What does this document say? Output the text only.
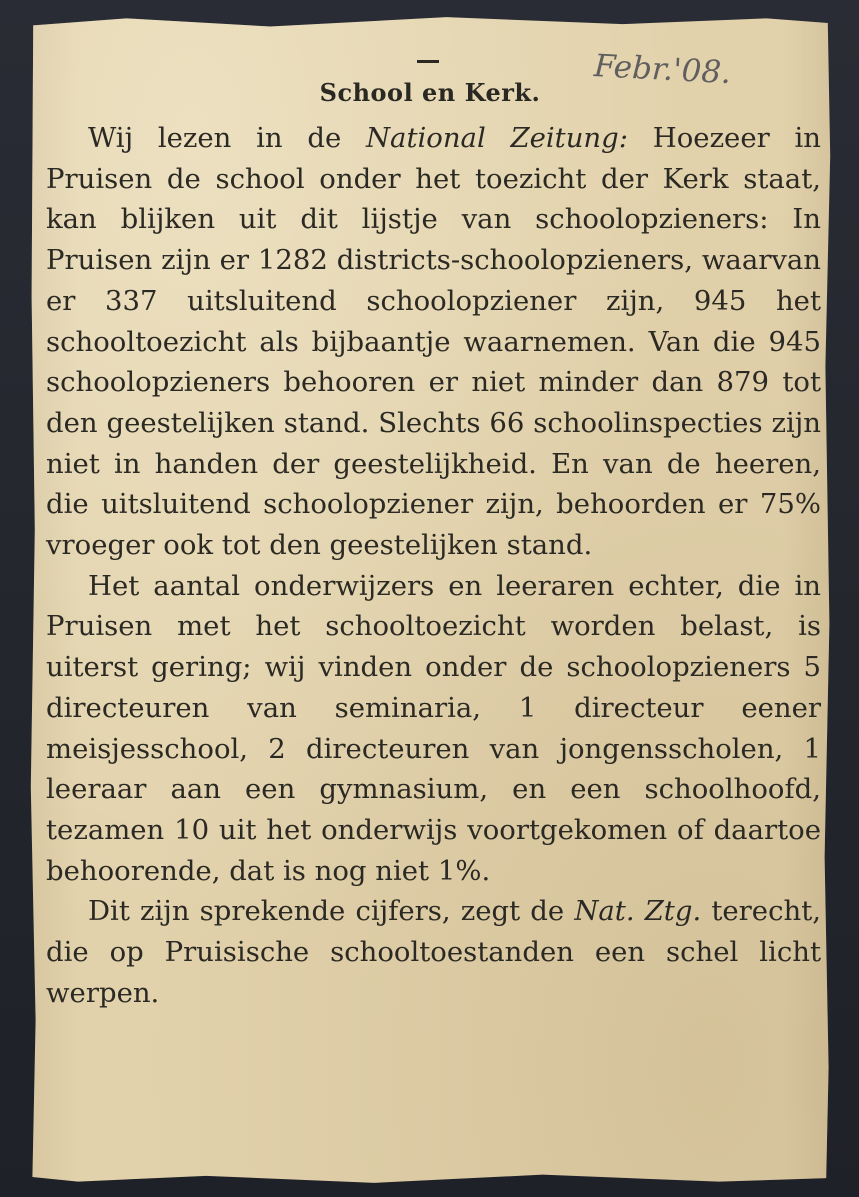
School en Kerk.
Febr.'08.

Wij lezen in de National Zeitung: Hoezeer in Pruisen de school onder het toezicht der Kerk staat, kan blijken uit dit lijstje van schoolopzieners: In Pruisen zijn er 1282 districts-schoolopzieners, waarvan er 337 uitsluitend schoolopziener zijn, 945 het schooltoezicht als bijbaantje waarnemen. Van die 945 schoolopzieners behooren er niet minder dan 879 tot den geestelijken stand. Slechts 66 schoolinspecties zijn niet in handen der geestelijkheid. En van de heeren, die uitsluitend schoolopziener zijn, behoorden er 75% vroeger ook tot den geestelijken stand.

Het aantal onderwijzers en leeraren echter, die in Pruisen met het schooltoezicht worden belast, is uiterst gering; wij vinden onder de schoolopzieners 5 directeuren van seminaria, 1 directeur eener meisjesschool, 2 directeuren van jongensscholen, 1 leeraar aan een gymnasium, en een schoolhoofd, tezamen 10 uit het onderwijs voortgekomen of daartoe behoorende, dat is nog niet 1%.

Dit zijn sprekende cijfers, zegt de Nat. Ztg. terecht, die op Pruisische schooltoestanden een schel licht werpen.
